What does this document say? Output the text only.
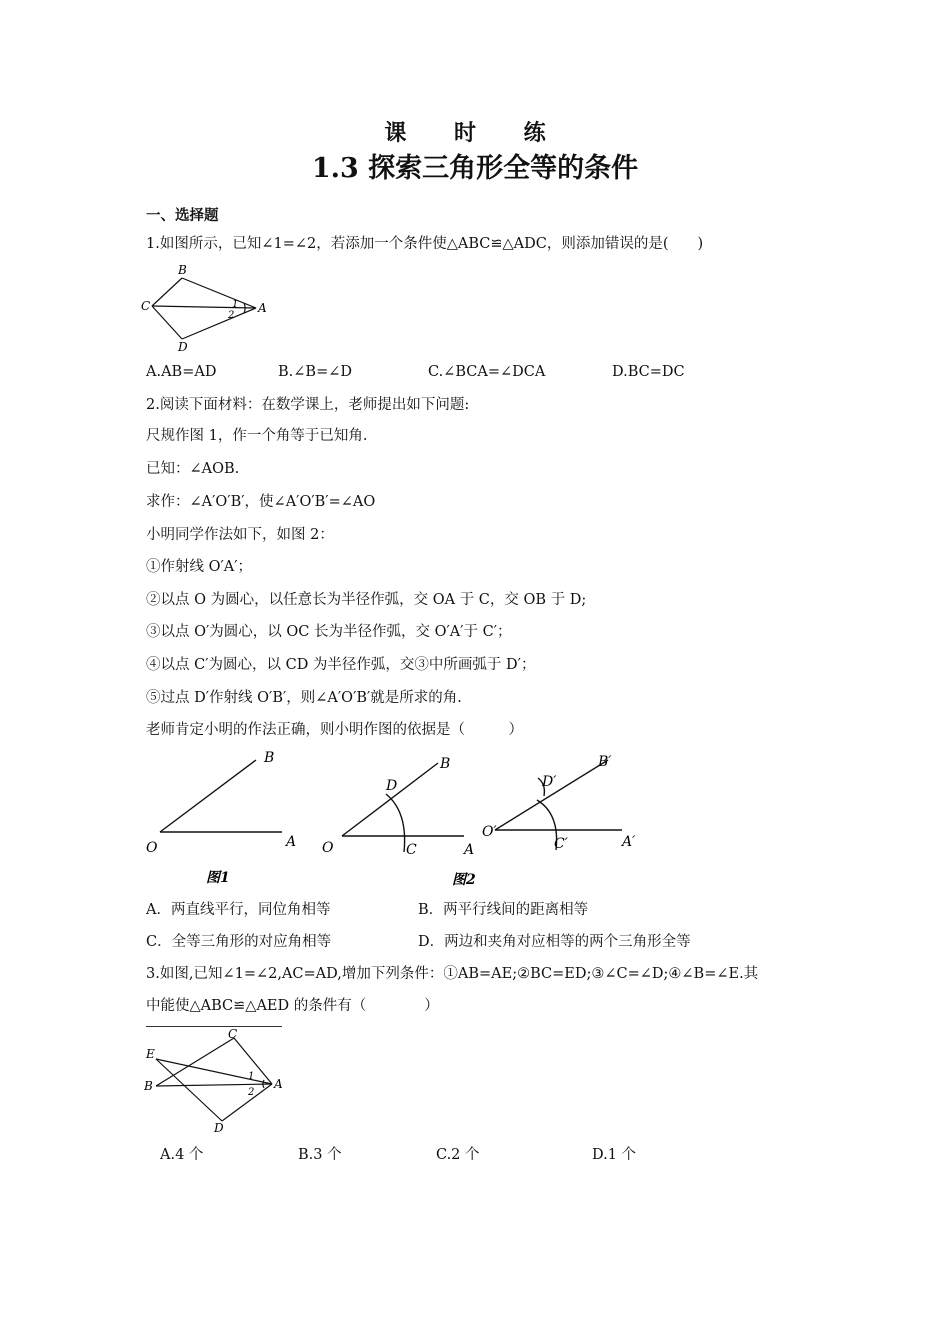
课 时 练
1.3 探索三角形全等的条件
一、选择题
1.如图所示，已知∠1=∠2，若添加一个条件使△ABC≌△ADC，则添加错误的是(　　)
B
C	A
D
1
2
A.AB=AD	B.∠B=∠D	C.∠BCA=∠DCA	D.BC=DC
2.阅读下面材料：在数学课上，老师提出如下问题:
尺规作图 1，作一个角等于已知角.
已知：∠AOB.
求作：∠A′O′B′，使∠A′O′B′=∠AO
小明同学作法如下，如图 2：
①作射线 O′A′；
②以点 O 为圆心，以任意长为半径作弧，交 OA 于 C，交 OB 于 D;
③以点 O′为圆心，以 OC 长为半径作弧，交 O′A′于 C′；
④以点 C′为圆心，以 CD 为半径作弧，交③中所画弧于 D′；
⑤过点 D′作射线 O′B′，则∠A′O′B′就是所求的角.
老师肯定小明的作法正确，则小明作图的依据是（　　　）
O	A
B
图1
O	A
B
C
D
图2
O′
A′
B′
C′
D′
A．两直线平行，同位角相等	B．两平行线间的距离相等
C．全等三角形的对应角相等	D．两边和夹角对应相等的两个三角形全等
3.如图,已知∠1=∠2,AC=AD,增加下列条件：①AB=AE;②BC=ED;③∠C=∠D;④∠B=∠E.其
中能使△ABC≌△AED 的条件有（　　　　）
C
E
B	A
D
1
2
A.4 个	B.3 个	C.2 个	D.1 个
